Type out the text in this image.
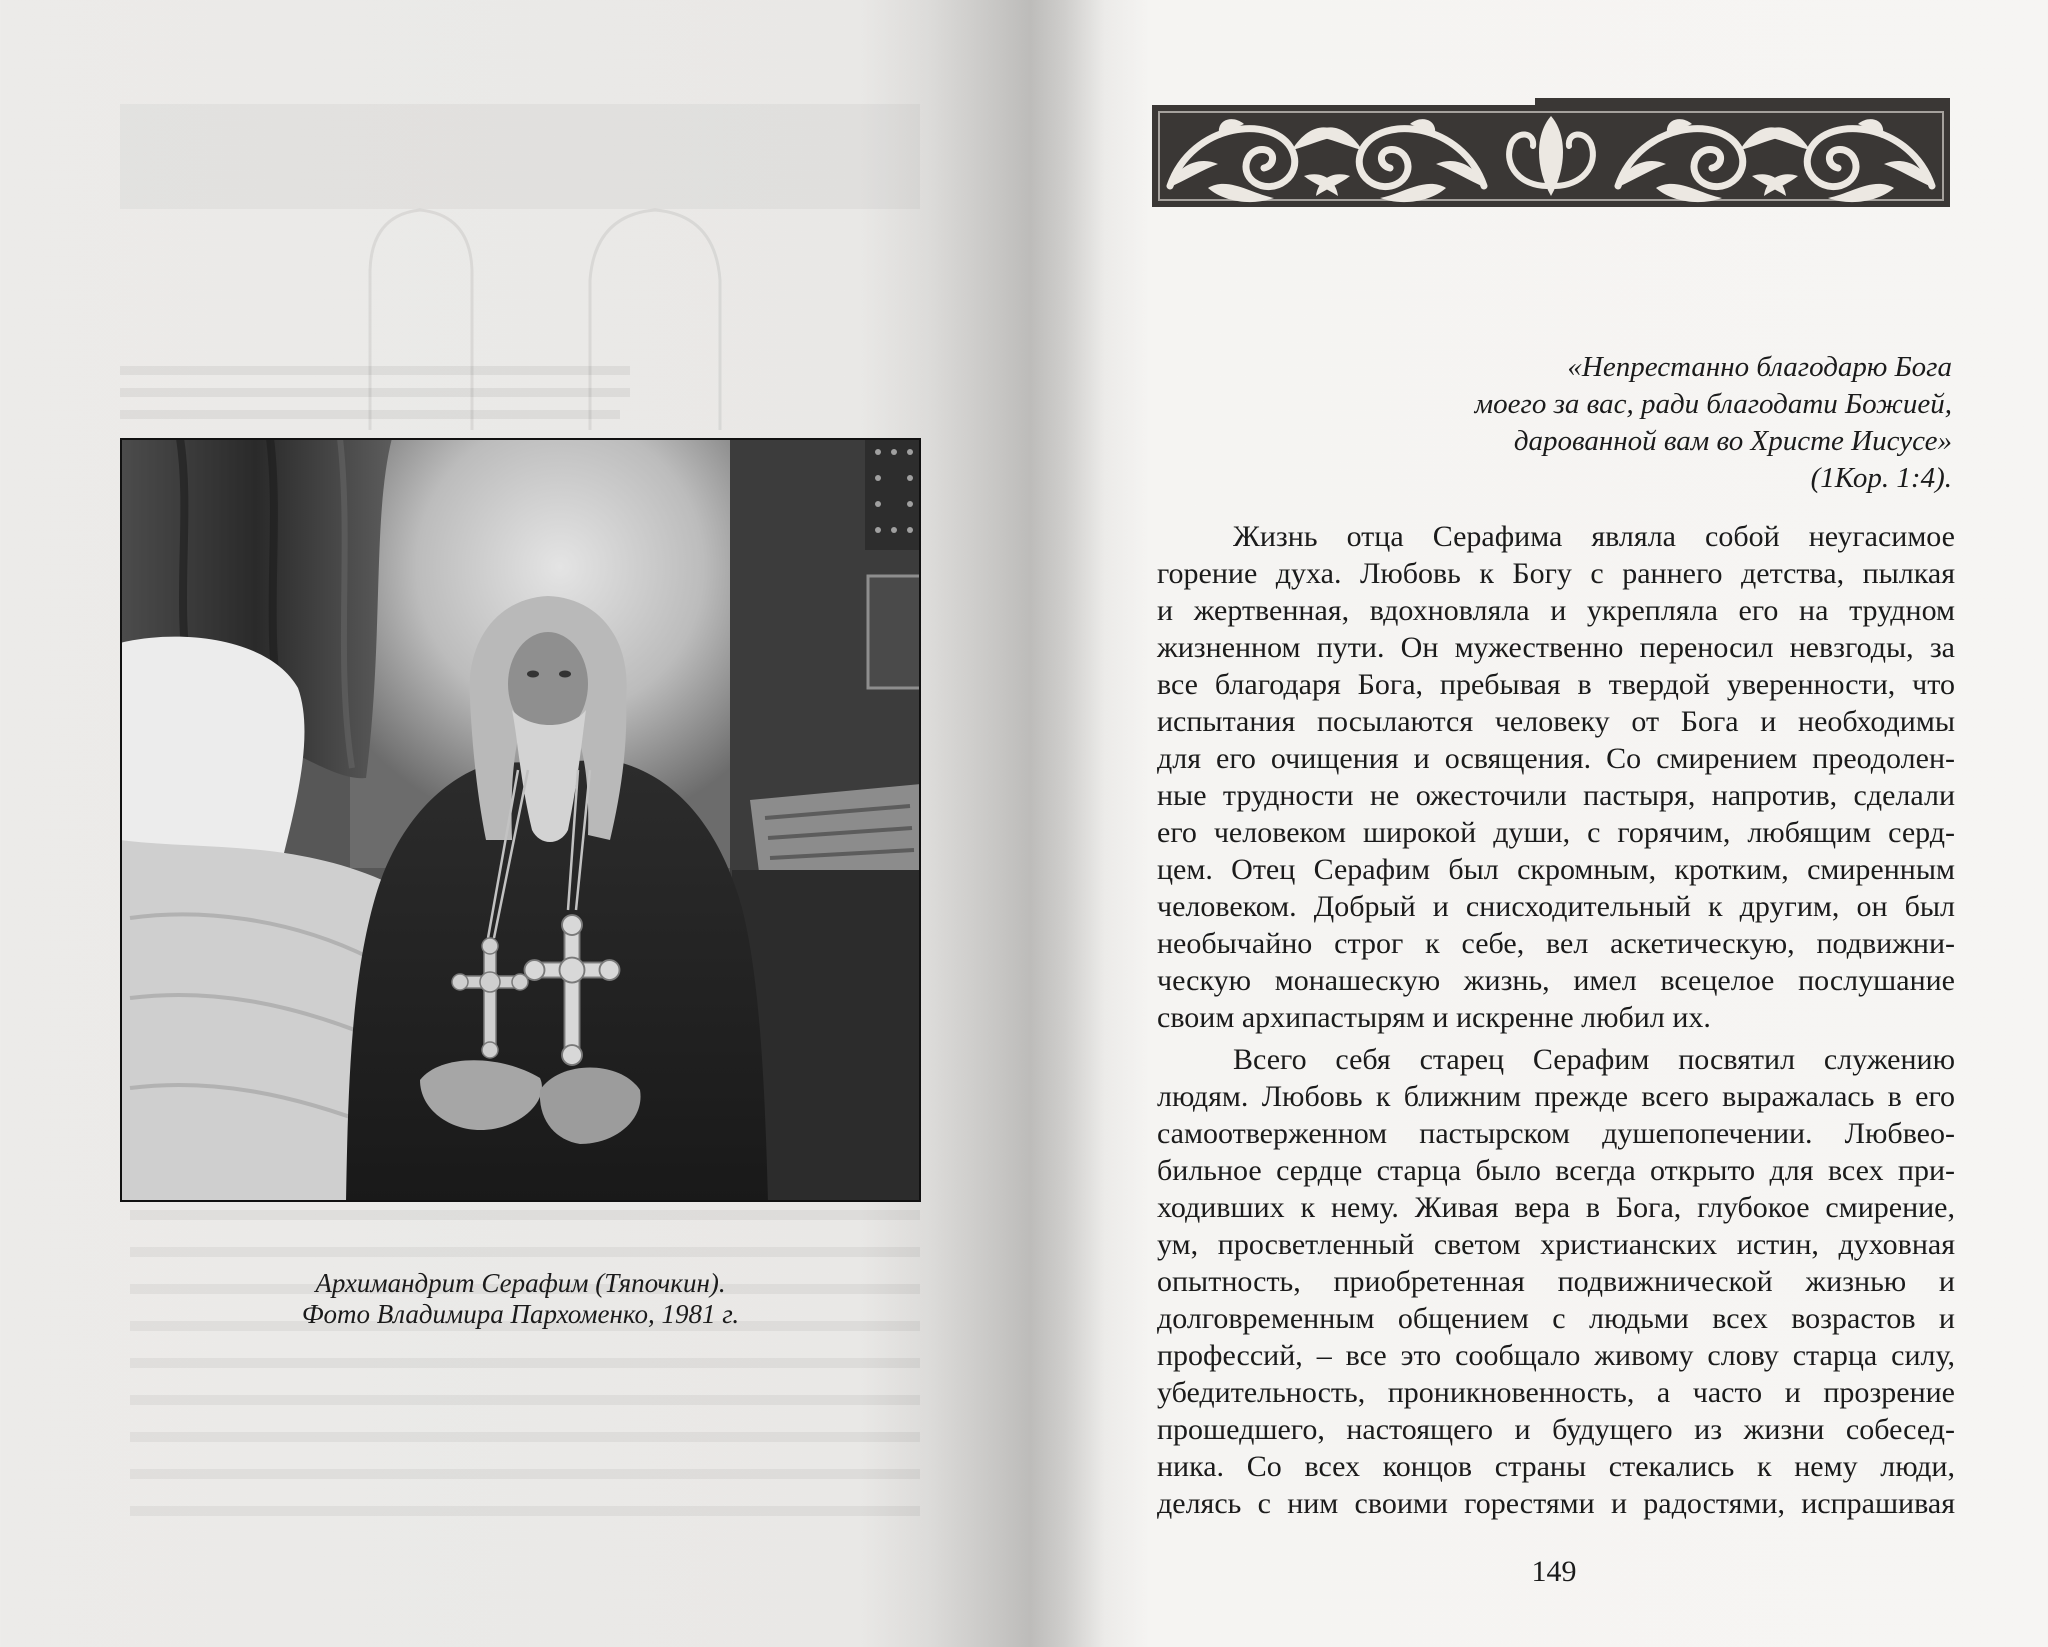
Архимандрит Серафим (Тяпочкин).
Фото Владимира Пархоменко, 1981 г.
«Непрестанно благодарю Бога
моего за вас, ради благодати Божией,
дарованной вам во Христе Иисусе»
(1Кор. 1:4).
Жизнь отца Серафима являла собой неугасимое
горение духа. Любовь к Богу с раннего детства, пылкая
и жертвенная, вдохновляла и укрепляла его на трудном
жизненном пути. Он мужественно переносил невзгоды, за
все благодаря Бога, пребывая в твердой уверенности, что
испытания посылаются человеку от Бога и необходимы
для его очищения и освящения. Со смирением преодолен-
ные трудности не ожесточили пастыря, напротив, сделали
его человеком широкой души, с горячим, любящим серд-
цем. Отец Серафим был скромным, кротким, смиренным
человеком. Добрый и снисходительный к другим, он был
необычайно строг к себе, вел аскетическую, подвижни-
ческую монашескую жизнь, имел всецелое послушание
своим архипастырям и искренне любил их.
Всего себя старец Серафим посвятил служению
людям. Любовь к ближним прежде всего выражалась в его
самоотверженном пастырском душепопечении. Любвео-
бильное сердце старца было всегда открыто для всех при-
ходивших к нему. Живая вера в Бога, глубокое смирение,
ум, просветленный светом христианских истин, духовная
опытность, приобретенная подвижнической жизнью и
долговременным общением с людьми всех возрастов и
профессий, – все это сообщало живому слову старца силу,
убедительность, проникновенность, а часто и прозрение
прошедшего, настоящего и будущего из жизни собесед-
ника. Со всех концов страны стекались к нему люди,
делясь с ним своими горестями и радостями, испрашивая
149
